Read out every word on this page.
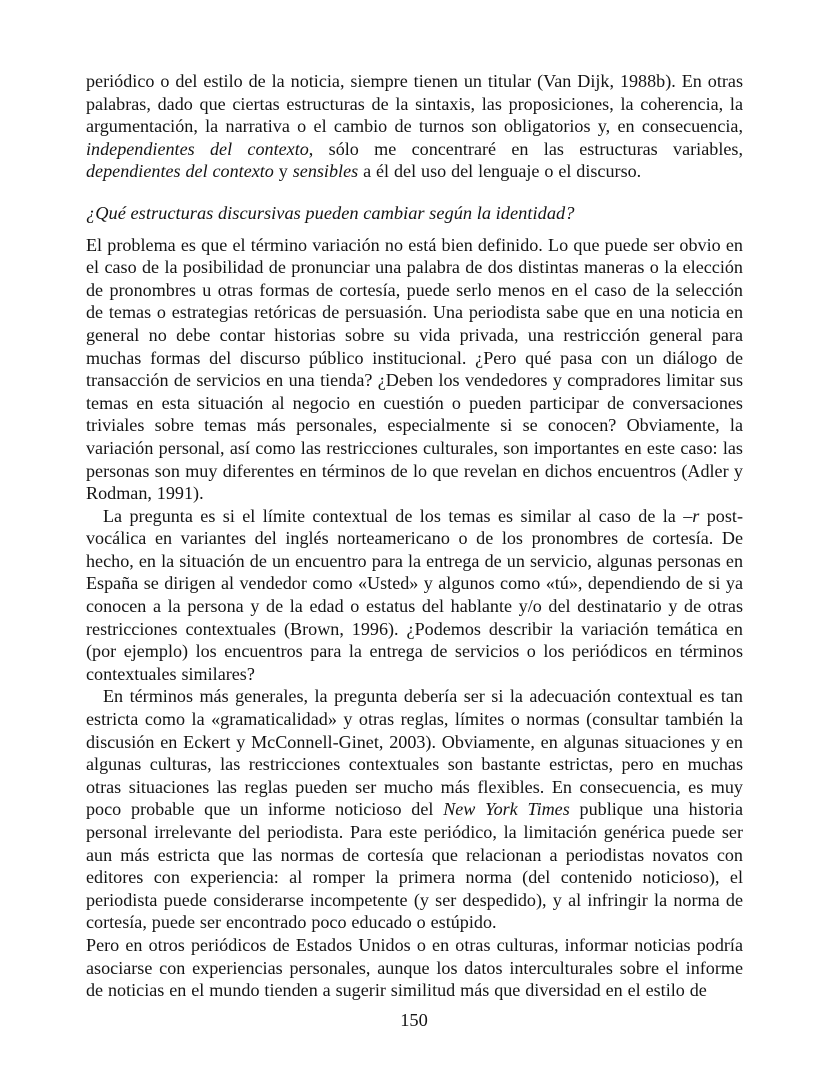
periódico o del estilo de la noticia, siempre tienen un titular (Van Dijk, 1988b). En otras palabras, dado que ciertas estructuras de la sintaxis, las proposiciones, la coherencia, la argumentación, la narrativa o el cambio de turnos son obligatorios y, en consecuencia, independientes del contexto, sólo me concentraré en las estructuras variables, dependientes del contexto y sensibles a él del uso del lenguaje o el discurso.

¿Qué estructuras discursivas pueden cambiar según la identidad?

El problema es que el término variación no está bien definido. Lo que puede ser obvio en el caso de la posibilidad de pronunciar una palabra de dos distintas maneras o la elección de pronombres u otras formas de cortesía, puede serlo menos en el caso de la selección de temas o estrategias retóricas de persuasión. Una periodista sabe que en una noticia en general no debe contar historias sobre su vida privada, una restricción general para muchas formas del discurso público institucional. ¿Pero qué pasa con un diálogo de transacción de servicios en una tienda? ¿Deben los vendedores y compradores limitar sus temas en esta situación al negocio en cuestión o pueden participar de conversaciones triviales sobre temas más personales, especialmente si se conocen? Obviamente, la variación personal, así como las restricciones culturales, son importantes en este caso: las personas son muy diferentes en términos de lo que revelan en dichos encuentros (Adler y Rodman, 1991).

La pregunta es si el límite contextual de los temas es similar al caso de la –r post-vocálica en variantes del inglés norteamericano o de los pronombres de cortesía. De hecho, en la situación de un encuentro para la entrega de un servicio, algunas personas en España se dirigen al vendedor como «Usted» y algunos como «tú», dependiendo de si ya conocen a la persona y de la edad o estatus del hablante y/o del destinatario y de otras restricciones contextuales (Brown, 1996). ¿Podemos describir la variación temática en (por ejemplo) los encuentros para la entrega de servicios o los periódicos en términos contextuales similares?

En términos más generales, la pregunta debería ser si la adecuación contextual es tan estricta como la «gramaticalidad» y otras reglas, límites o normas (consultar también la discusión en Eckert y McConnell-Ginet, 2003). Obviamente, en algunas situaciones y en algunas culturas, las restricciones contextuales son bastante estrictas, pero en muchas otras situaciones las reglas pueden ser mucho más flexibles. En consecuencia, es muy poco probable que un informe noticioso del New York Times publique una historia personal irrelevante del periodista. Para este periódico, la limitación genérica puede ser aun más estricta que las normas de cortesía que relacionan a periodistas novatos con editores con experiencia: al romper la primera norma (del contenido noticioso), el periodista puede considerarse incompetente (y ser despedido), y al infringir la norma de cortesía, puede ser encontrado poco educado o estúpido.

Pero en otros periódicos de Estados Unidos o en otras culturas, informar noticias podría asociarse con experiencias personales, aunque los datos interculturales sobre el informe de noticias en el mundo tienden a sugerir similitud más que diversidad en el estilo de

150
